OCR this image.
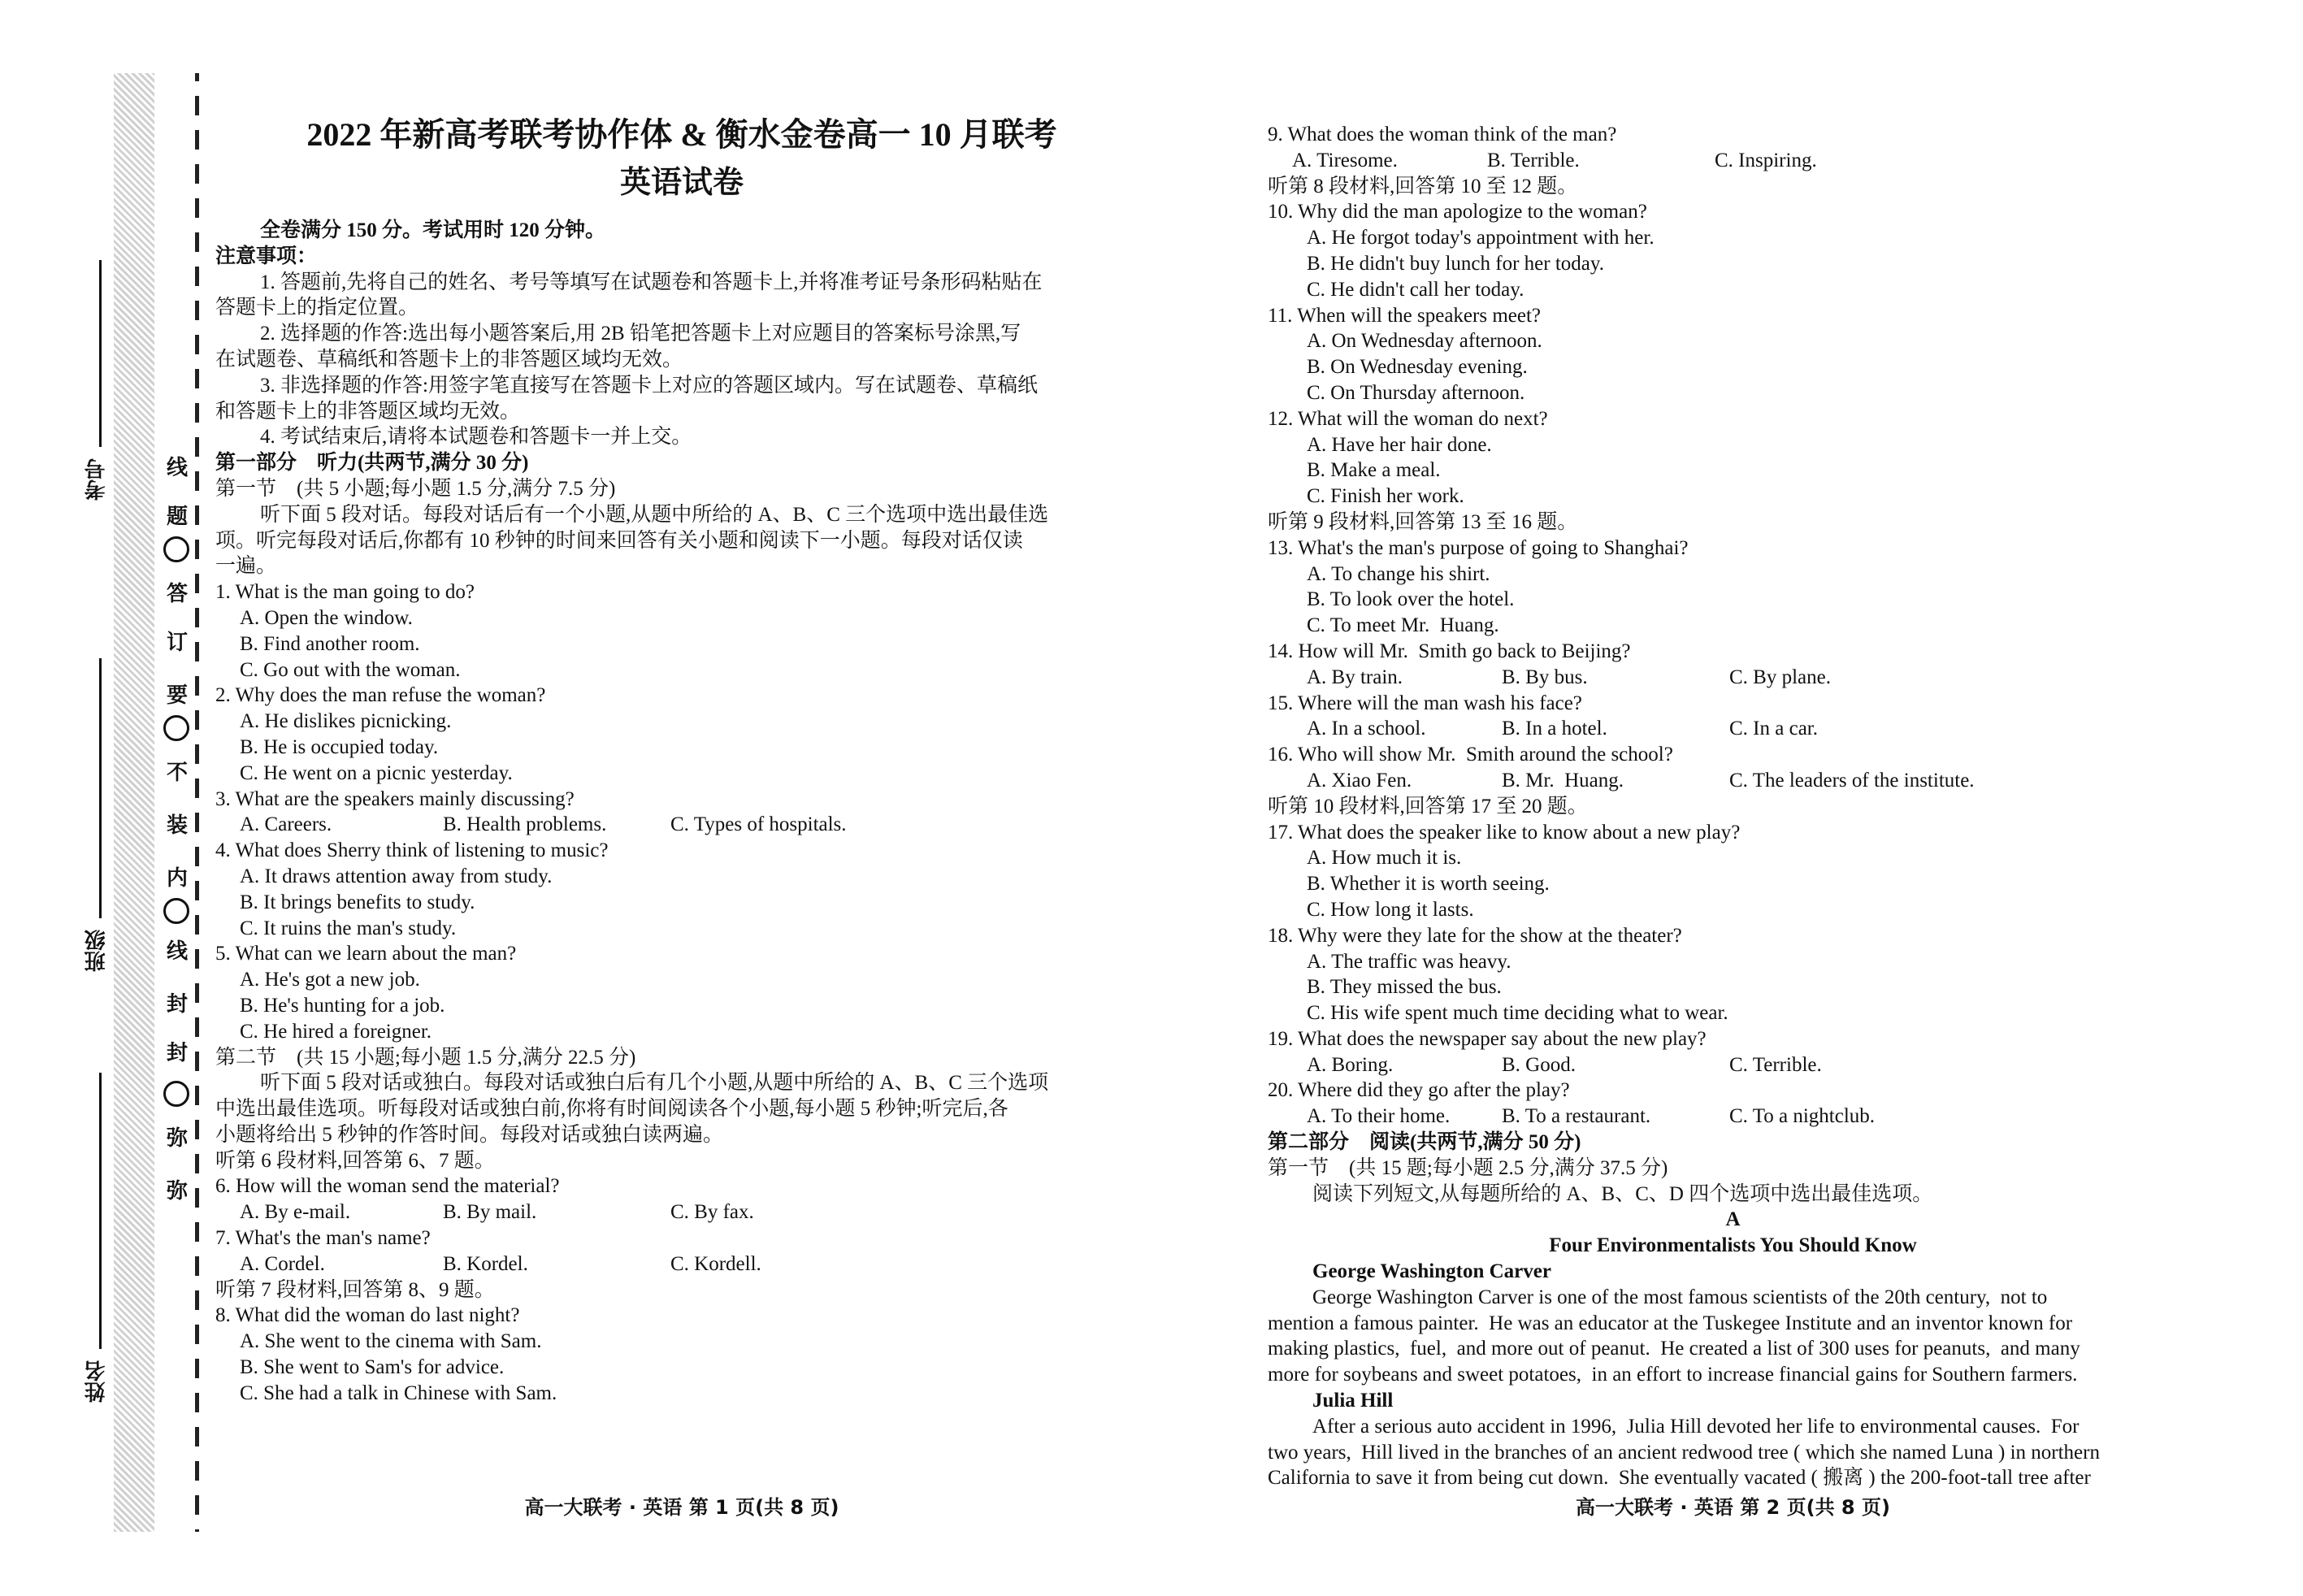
考号
班级
姓名
线
题
答
订
要
不
装
内
线
封
封
弥
弥
2022 年新高考联考协作体 & 衡水金卷高一 10 月联考
英语试卷
全卷满分 150 分。考试用时 120 分钟。
注意事项：
1. 答题前,先将自己的姓名、考号等填写在试题卷和答题卡上,并将准考证号条形码粘贴在
答题卡上的指定位置。
2. 选择题的作答:选出每小题答案后,用 2B 铅笔把答题卡上对应题目的答案标号涂黑,写
在试题卷、草稿纸和答题卡上的非答题区域均无效。
3. 非选择题的作答:用签字笔直接写在答题卡上对应的答题区域内。写在试题卷、草稿纸
和答题卡上的非答题区域均无效。
4. 考试结束后,请将本试题卷和答题卡一并上交。
第一部分　听力(共两节,满分 30 分)
第一节　(共 5 小题;每小题 1.5 分,满分 7.5 分)
听下面 5 段对话。每段对话后有一个小题,从题中所给的 A、B、C 三个选项中选出最佳选
项。听完每段对话后,你都有 10 秒钟的时间来回答有关小题和阅读下一小题。每段对话仅读
一遍。
1. What is the man going to do?
A. Open the window.
B. Find another room.
C. Go out with the woman.
2. Why does the man refuse the woman?
A. He dislikes picnicking.
B. He is occupied today.
C. He went on a picnic yesterday.
3. What are the speakers mainly discussing?
A. Careers.	B. Health problems.	C. Types of hospitals.
4. What does Sherry think of listening to music?
A. It draws attention away from study.
B. It brings benefits to study.
C. It ruins the man's study.
5. What can we learn about the man?
A. He's got a new job.
B. He's hunting for a job.
C. He hired a foreigner.
第二节　(共 15 小题;每小题 1.5 分,满分 22.5 分)
听下面 5 段对话或独白。每段对话或独白后有几个小题,从题中所给的 A、B、C 三个选项
中选出最佳选项。听每段对话或独白前,你将有时间阅读各个小题,每小题 5 秒钟;听完后,各
小题将给出 5 秒钟的作答时间。每段对话或独白读两遍。
听第 6 段材料,回答第 6、7 题。
6. How will the woman send the material?
A. By e-mail.	B. By mail.	C. By fax.
7. What's the man's name?
A. Cordel.	B. Kordel.	C. Kordell.
听第 7 段材料,回答第 8、9 题。
8. What did the woman do last night?
A. She went to the cinema with Sam.
B. She went to Sam's for advice.
C. She had a talk in Chinese with Sam.
高一大联考 · 英语 第 1 页(共 8 页)
9. What does the woman think of the man?
A. Tiresome.	B. Terrible.	C. Inspiring.
听第 8 段材料,回答第 10 至 12 题。
10. Why did the man apologize to the woman?
A. He forgot today's appointment with her.
B. He didn't buy lunch for her today.
C. He didn't call her today.
11. When will the speakers meet?
A. On Wednesday afternoon.
B. On Wednesday evening.
C. On Thursday afternoon.
12. What will the woman do next?
A. Have her hair done.
B. Make a meal.
C. Finish her work.
听第 9 段材料,回答第 13 至 16 题。
13. What's the man's purpose of going to Shanghai?
A. To change his shirt.
B. To look over the hotel.
C. To meet Mr.  Huang.
14. How will Mr.  Smith go back to Beijing?
A. By train.	B. By bus.	C. By plane.
15. Where will the man wash his face?
A. In a school.	B. In a hotel.	C. In a car.
16. Who will show Mr.  Smith around the school?
A. Xiao Fen.	B. Mr.  Huang.	C. The leaders of the institute.
听第 10 段材料,回答第 17 至 20 题。
17. What does the speaker like to know about a new play?
A. How much it is.
B. Whether it is worth seeing.
C. How long it lasts.
18. Why were they late for the show at the theater?
A. The traffic was heavy.
B. They missed the bus.
C. His wife spent much time deciding what to wear.
19. What does the newspaper say about the new play?
A. Boring.	B. Good.	C. Terrible.
20. Where did they go after the play?
A. To their home.	B. To a restaurant.	C. To a nightclub.
第二部分　阅读(共两节,满分 50 分)
第一节　(共 15 题;每小题 2.5 分,满分 37.5 分)
阅读下列短文,从每题所给的 A、B、C、D 四个选项中选出最佳选项。
A
Four Environmentalists You Should Know
George Washington Carver
George Washington Carver is one of the most famous scientists of the 20th century,  not to
mention a famous painter.  He was an educator at the Tuskegee Institute and an inventor known for
making plastics,  fuel,  and more out of peanut.  He created a list of 300 uses for peanuts,  and many
more for soybeans and sweet potatoes,  in an effort to increase financial gains for Southern farmers.
Julia Hill
After a serious auto accident in 1996,  Julia Hill devoted her life to environmental causes.  For
two years,  Hill lived in the branches of an ancient redwood tree ( which she named Luna ) in northern
California to save it from being cut down.  She eventually vacated ( 搬离 ) the 200-foot-tall tree after
高一大联考 · 英语 第 2 页(共 8 页)
